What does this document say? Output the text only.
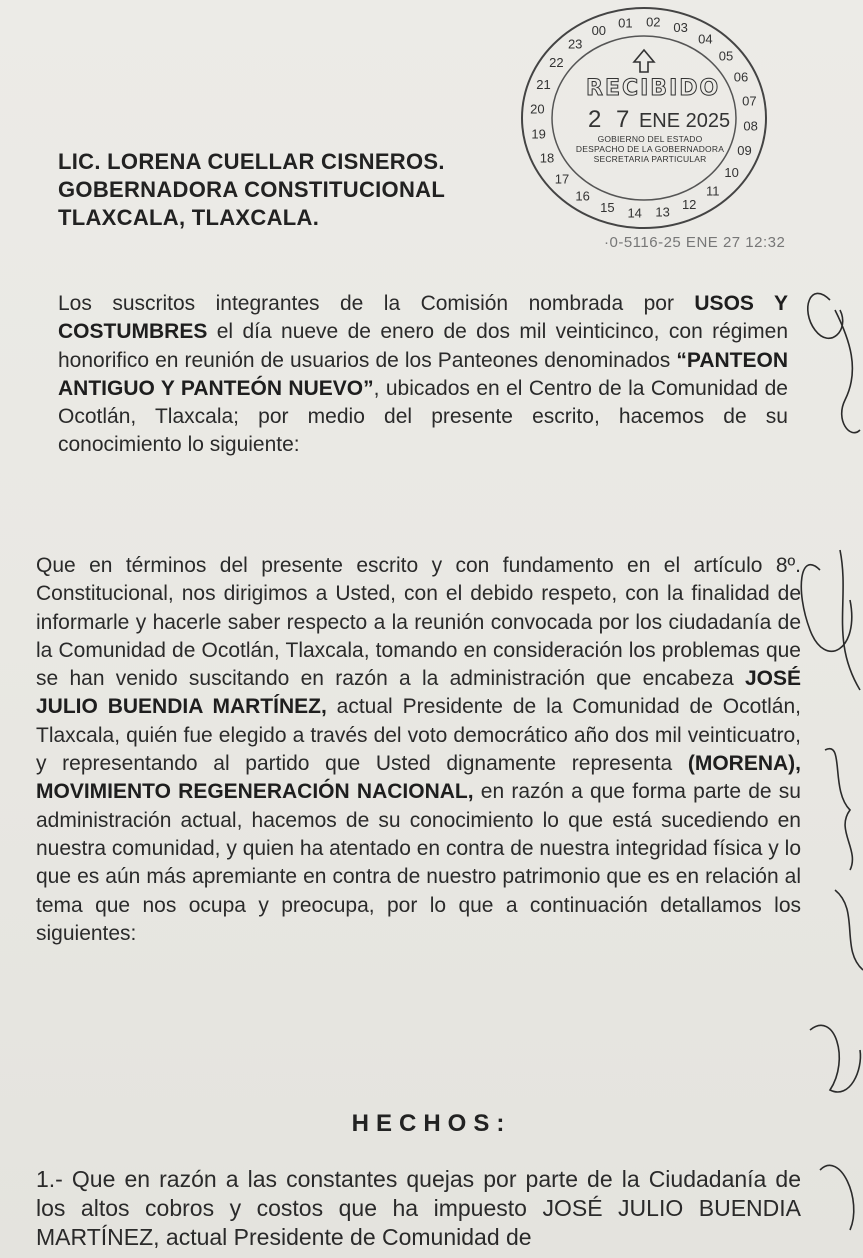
01 02 03
04
05
06
07
08
09
10
11
12
13
14
15
16
17
18
19
20
21
22
23
00
RECIBIDO
2 7 ENE 2025
GOBIERNO DEL ESTADO
DESPACHO DE LA GOBERNADORA
SECRETARIA PARTICULAR
·0-5116-25 ENE 27 12:32
LIC. LORENA CUELLAR CISNEROS.
GOBERNADORA CONSTITUCIONAL
TLAXCALA, TLAXCALA.
Los suscritos integrantes de la Comisión nombrada por USOS Y COSTUMBRES el día nueve de enero de dos mil veinticinco, con régimen honorifico en reunión de usuarios de los Panteones denominados “PANTEON ANTIGUO Y PANTEÓN NUEVO”, ubicados en el Centro de la Comunidad de Ocotlán, Tlaxcala; por medio del presente escrito, hacemos de su conocimiento lo siguiente:
Que en términos del presente escrito y con fundamento en el artículo 8º. Constitucional, nos dirigimos a Usted, con el debido respeto, con la finalidad de informarle y hacerle saber respecto a la reunión convocada por los ciudadanía de la Comunidad de Ocotlán, Tlaxcala, tomando en consideración los problemas que se han venido suscitando en razón a la administración que encabeza JOSÉ JULIO BUENDIA MARTÍNEZ, actual Presidente de la Comunidad de Ocotlán, Tlaxcala, quién fue elegido a través del voto democrático año dos mil veinticuatro, y representando al partido que Usted dignamente representa (MORENA), MOVIMIENTO REGENERACIÓN NACIONAL, en razón a que forma parte de su administración actual, hacemos de su conocimiento lo que está sucediendo en nuestra comunidad, y quien ha atentado en contra de nuestra integridad física y lo que es aún más apremiante en contra de nuestro patrimonio que es en relación al tema que nos ocupa y preocupa, por lo que a continuación detallamos los siguientes:
HECHOS:
1.- Que en razón a las constantes quejas por parte de la Ciudadanía de los altos cobros y costos que ha impuesto JOSÉ JULIO BUENDIA MARTÍNEZ, actual Presidente de Comunidad de
